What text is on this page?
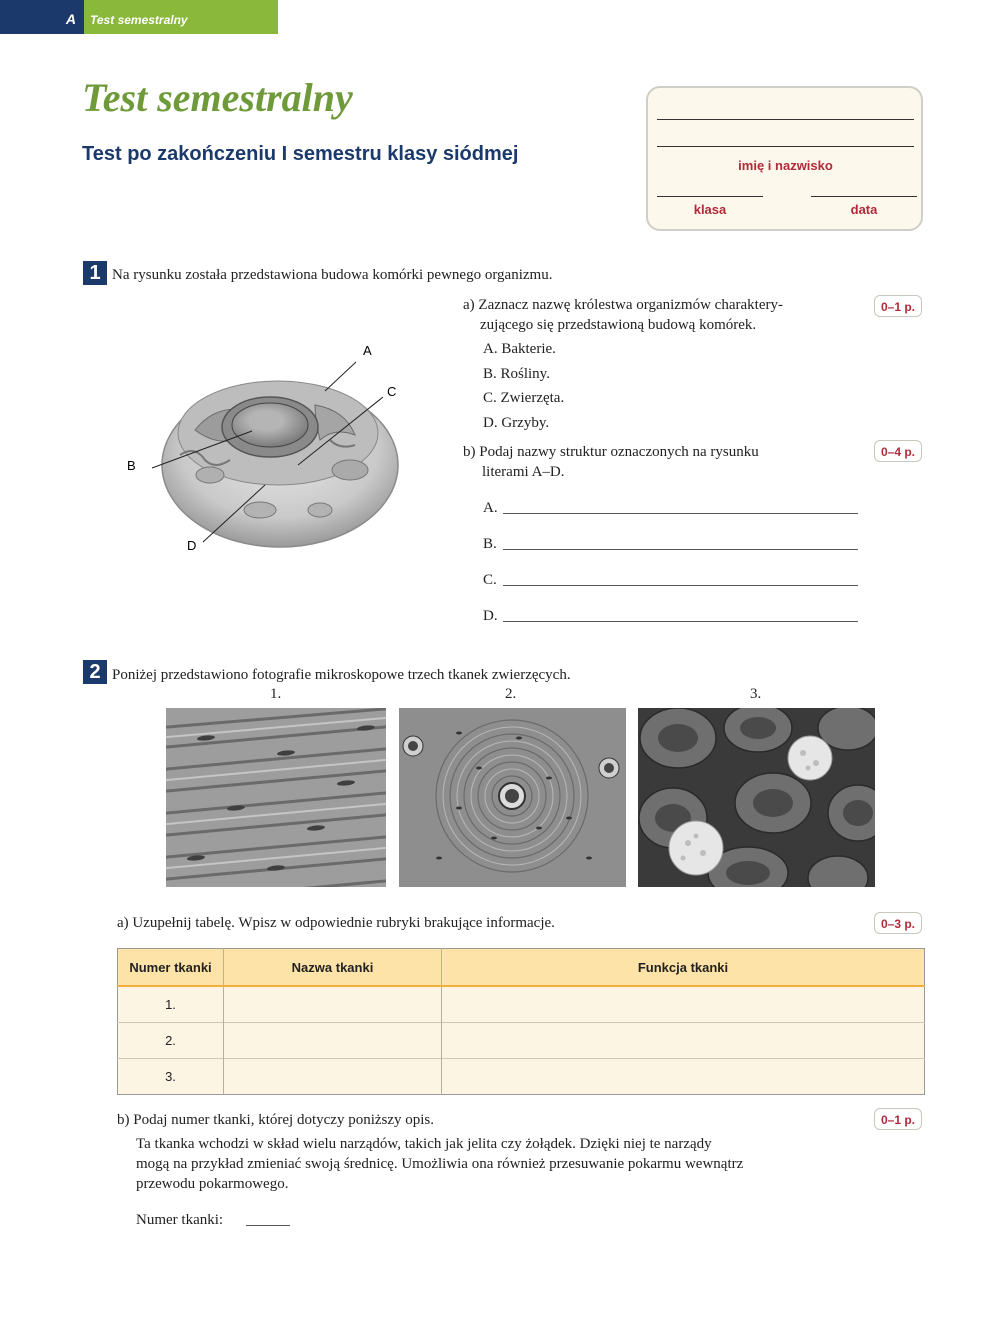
A	Test semestralny
Test semestralny
Test po zakończeniu I semestru klasy siódmej
imię i nazwisko
klasa	data
1 Na rysunku została przedstawiona budowa komórki pewnego organizmu.
A
C
B
D
a) Zaznacz nazwę królestwa organizmów charaktery-
zującego się przedstawioną budową komórek.
0–1 p.
A. Bakterie.
B. Rośliny.
C. Zwierzęta.
D. Grzyby.
b) Podaj nazwy struktur oznaczonych na rysunku
literami A–D.
0–4 p.
A.
B.
C.
D.
2 Poniżej przedstawiono fotografie mikroskopowe trzech tkanek zwierzęcych.
1.	2.	3.
a) Uzupełnij tabelę. Wpisz w odpowiednie rubryki brakujące informacje.	0–3 p.
Numer tkanki	Nazwa tkanki	Funkcja tkanki
1.		
2.		
3.		
b) Podaj numer tkanki, której dotyczy poniższy opis.	0–1 p.
Ta tkanka wchodzi w skład wielu narządów, takich jak jelita czy żołądek. Dzięki niej te narządy
mogą na przykład zmieniać swoją średnicę. Umożliwia ona również przesuwanie pokarmu wewnątrz
przewodu pokarmowego.
Numer tkanki:
